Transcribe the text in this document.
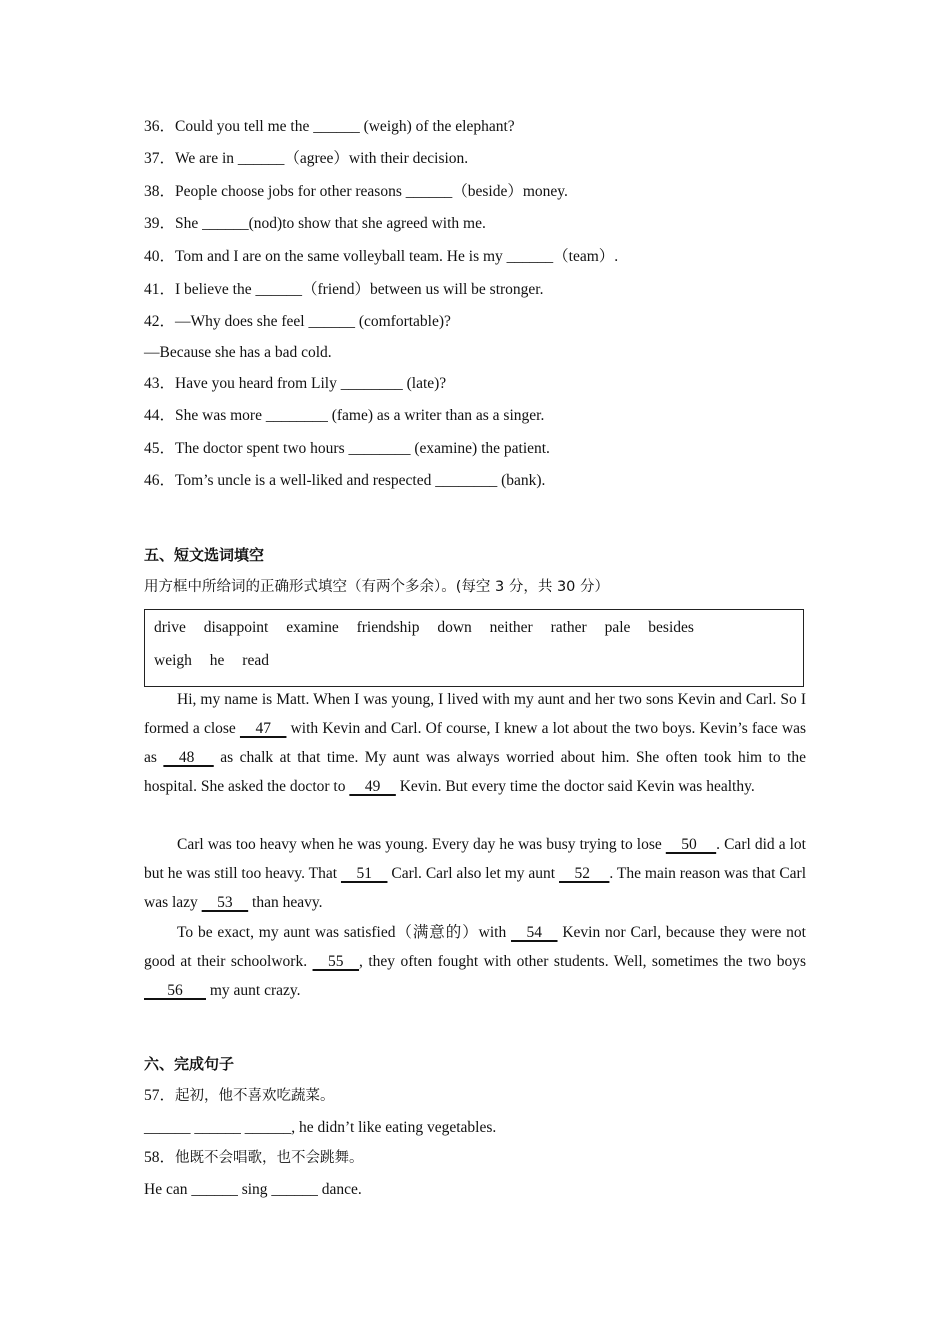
36．Could you tell me the ______ (weigh) of the elephant?
37．We are in ______（agree）with their decision.
38．People choose jobs for other reasons ______（beside）money.
39．She ______(nod)to show that she agreed with me.
40．Tom and I are on the same volleyball team. He is my ______（team）.
41．I believe the ______（friend）between us will be stronger.
42．—Why does she feel ______ (comfortable)?
—Because she has a bad cold.
43．Have you heard from Lily ________ (late)?
44．She was more ________ (fame) as a writer than as a singer.
45．The doctor spent two hours ________ (examine) the patient.
46．Tom’s uncle is a well-liked and respected ________ (bank).
五、短文选词填空
用方框中所给词的正确形式填空（有两个多余）。(每空 3 分，共 30 分）
drive disappoint examine friendship down neither rather pale besides
weigh he read
Hi, my name is Matt. When I was young, I lived with my aunt and her two sons Kevin and Carl. So I formed a close     47     with Kevin and Carl. Of course, I knew a lot about the two boys. Kevin’s face was as     48      as chalk at that time. My aunt was always worried about him. She often took him to the hospital. She asked the doctor to     49     Kevin. But every time the doctor said Kevin was healthy.
Carl was too heavy when he was young. Every day he was busy trying to lose     50     . Carl did a lot but he was still too heavy. That     51     Carl. Carl also let my aunt     52     . The main reason was that Carl was lazy     53     than heavy.
To be exact, my aunt was satisfied（满意的）with     54     Kevin nor Carl, because they were not good at their schoolwork.     55    , they often fought with other students. Well, sometimes the two boys       56       my aunt crazy.
六、完成句子
57．起初，他不喜欢吃蔬菜。
______ ______ ______, he didn’t like eating vegetables.
58．他既不会唱歌，也不会跳舞。
He can ______ sing ______ dance.
